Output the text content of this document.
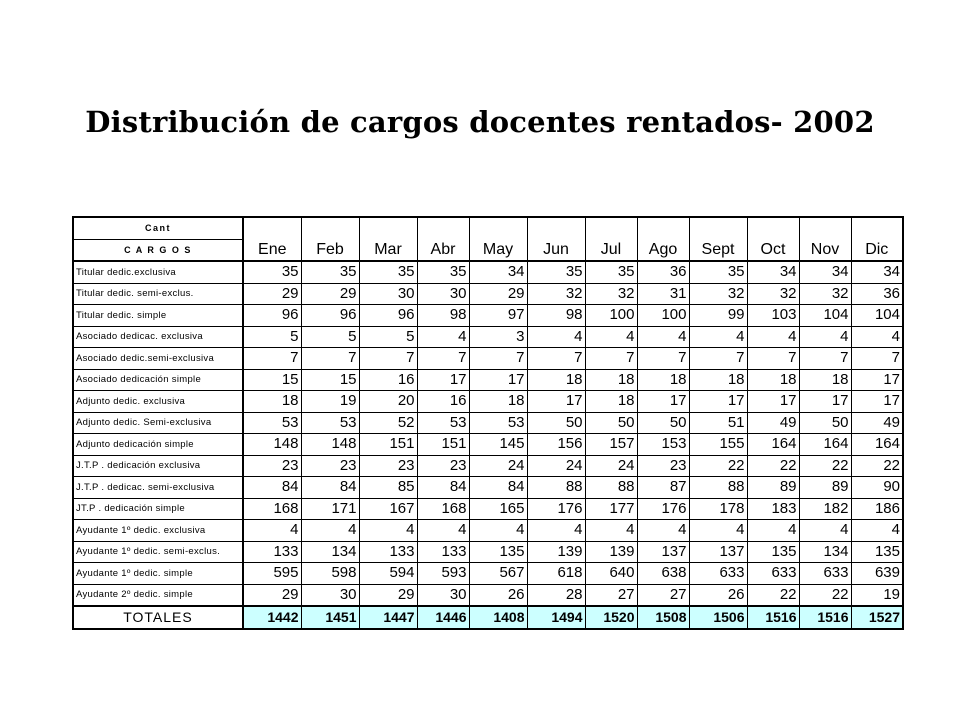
Distribución de cargos docentes rentados- 2002
Cant	Ene	Feb	Mar	Abr	May	Jun	Jul	Ago	Sept	Oct	Nov	Dic
C A R G O S												
Titular dedic.exclusiva	35	35	35	35	34	35	35	36	35	34	34	34
Titular dedic. semi-exclus.	29	29	30	30	29	32	32	31	32	32	32	36
Titular dedic. simple	96	96	96	98	97	98	100	100	99	103	104	104
Asociado dedicac. exclusiva	5	5	5	4	3	4	4	4	4	4	4	4
Asociado dedic.semi-exclusiva	7	7	7	7	7	7	7	7	7	7	7	7
Asociado dedicación simple	15	15	16	17	17	18	18	18	18	18	18	17
Adjunto dedic. exclusiva	18	19	20	16	18	17	18	17	17	17	17	17
Adjunto dedic. Semi-exclusiva	53	53	52	53	53	50	50	50	51	49	50	49
Adjunto dedicación simple	148	148	151	151	145	156	157	153	155	164	164	164
J.T.P . dedicación exclusiva	23	23	23	23	24	24	24	23	22	22	22	22
J.T.P . dedicac. semi-exclusiva	84	84	85	84	84	88	88	87	88	89	89	90
JT.P . dedicación simple	168	171	167	168	165	176	177	176	178	183	182	186
Ayudante 1º dedic. exclusiva	4	4	4	4	4	4	4	4	4	4	4	4
Ayudante 1º dedic. semi-exclus.	133	134	133	133	135	139	139	137	137	135	134	135
Ayudante 1º dedic. simple	595	598	594	593	567	618	640	638	633	633	633	639
Ayudante 2º dedic. simple	29	30	29	30	26	28	27	27	26	22	22	19
TOTALES	1442	1451	1447	1446	1408	1494	1520	1508	1506	1516	1516	1527
